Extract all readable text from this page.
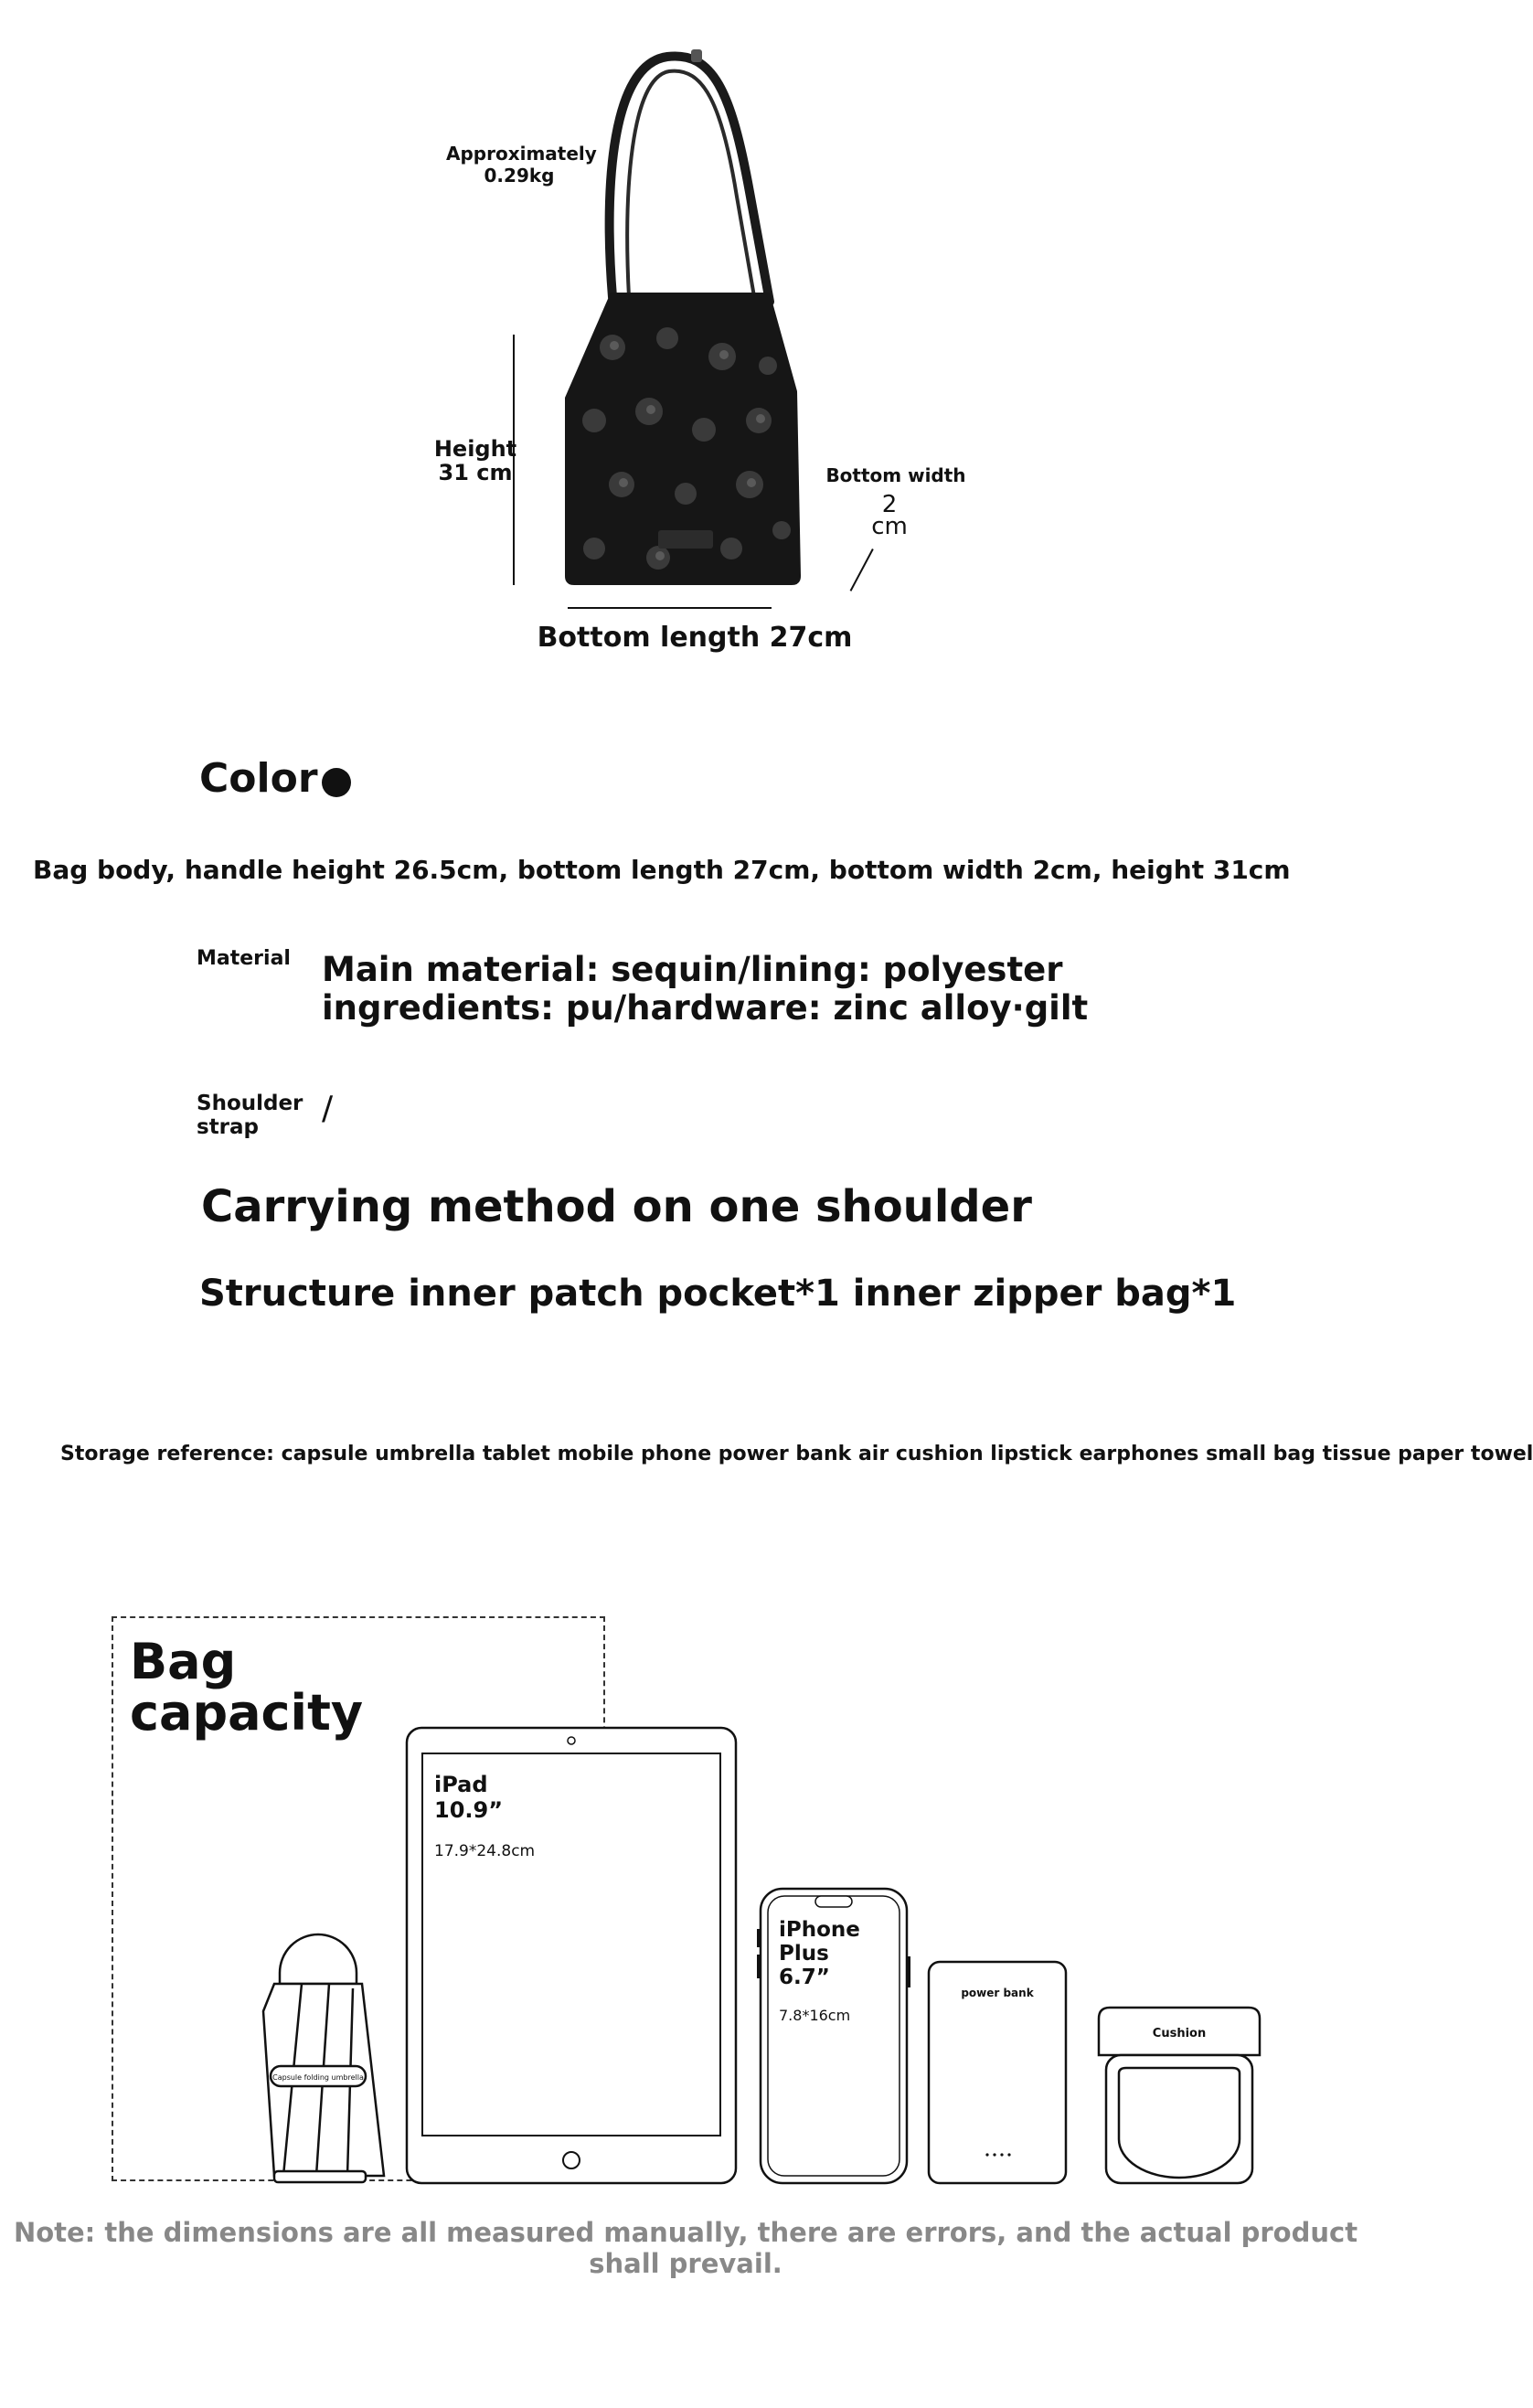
Approximately
0.29kg
Height
31 cm	Bottom width
2
cm
Bottom length 27cm
Color
Bag body, handle height 26.5cm, bottom length 27cm, bottom width 2cm, height 31cm
Material Main material: sequin/lining: polyester
ingredients: pu/hardware: zinc alloy·gilt
Shoulder
strap	/
Carrying method on one shoulder
Structure inner patch pocket*1 inner zipper bag*1
Storage reference: capsule umbrella tablet mobile phone power bank air cushion lipstick earphones small bag tissue paper towel
Bag
capacity
Capsule folding umbrella
iPad
10.9”
17.9*24.8cm
iPhone
Plus
6.7”
7.8*16cm
power bank
Cushion
Note: the dimensions are all measured manually, there are errors, and the actual product shall prevail.
